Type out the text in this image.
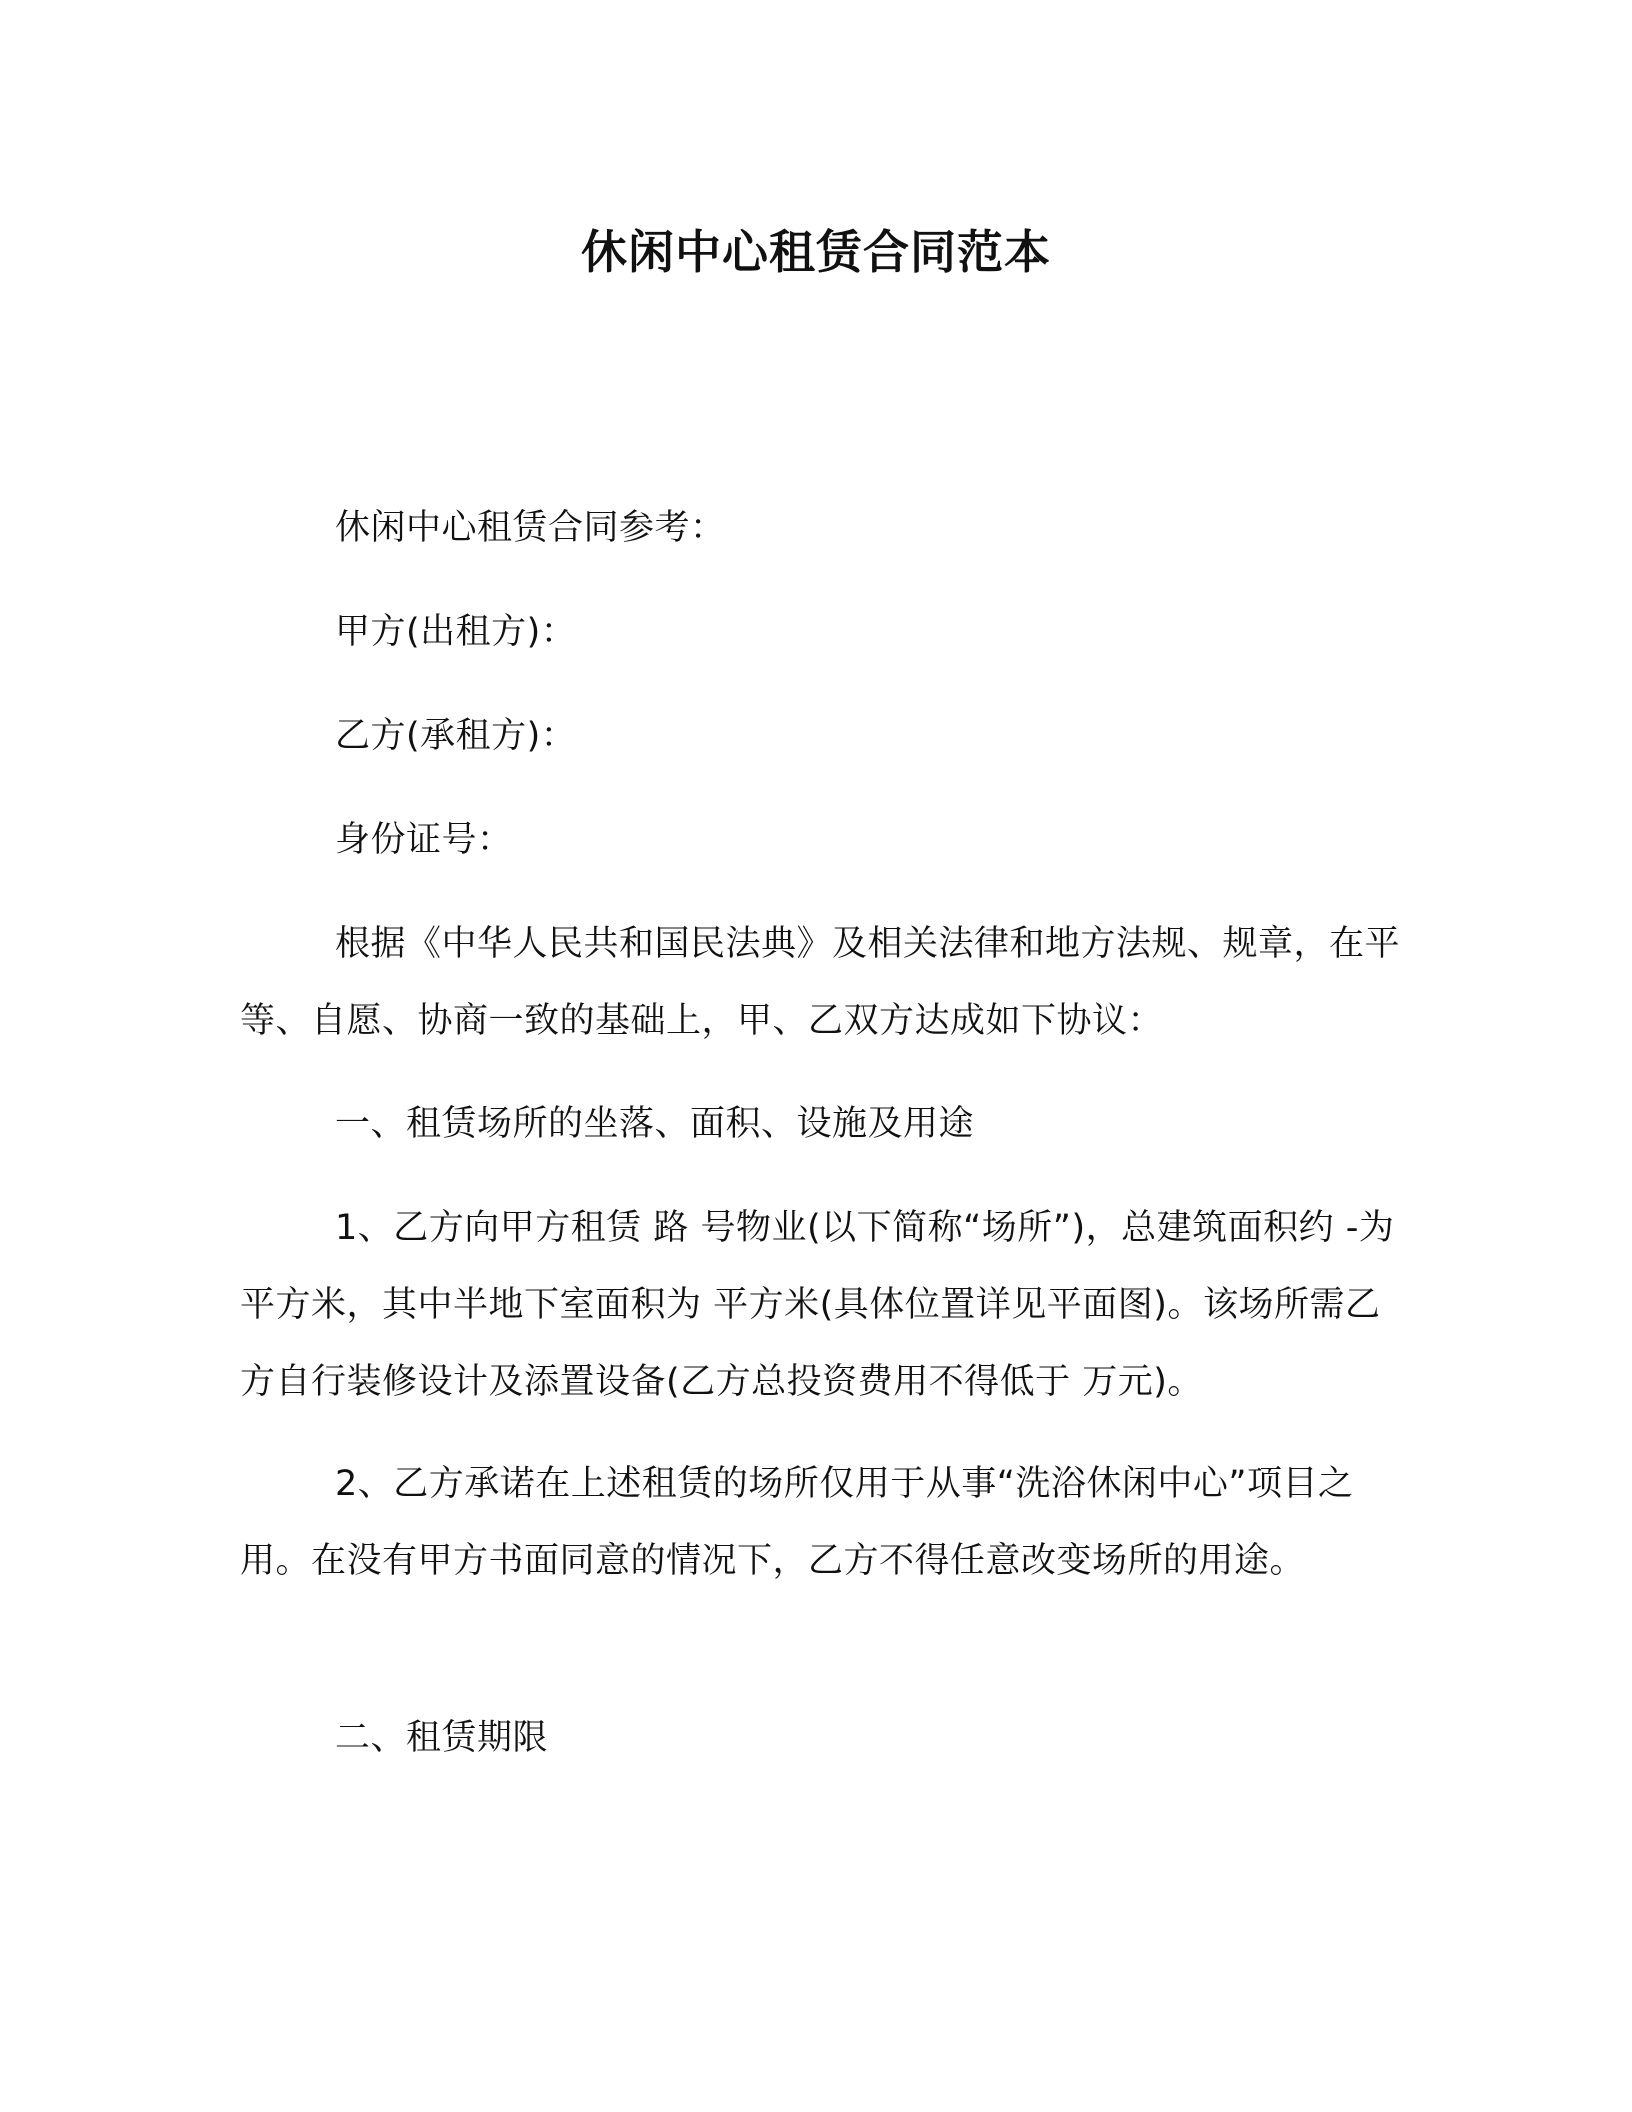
休闲中心租赁合同范本

休闲中心租赁合同参考：

甲方(出租方)：

乙方(承租方)：

身份证号：

根据《中华人民共和国民法典》及相关法律和地方法规、规章，在平等、自愿、协商一致的基础上，甲、乙双方达成如下协议：

一、租赁场所的坐落、面积、设施及用途

1、乙方向甲方租赁 路 号物业(以下简称“场所”)，总建筑面积约 -为 平方米，其中半地下室面积为 平方米(具体位置详见平面图)。该场所需乙方自行装修设计及添置设备(乙方总投资费用不得低于 万元)。

2、乙方承诺在上述租赁的场所仅用于从事“洗浴休闲中心”项目之用。在没有甲方书面同意的情况下，乙方不得任意改变场所的用途。

二、租赁期限
